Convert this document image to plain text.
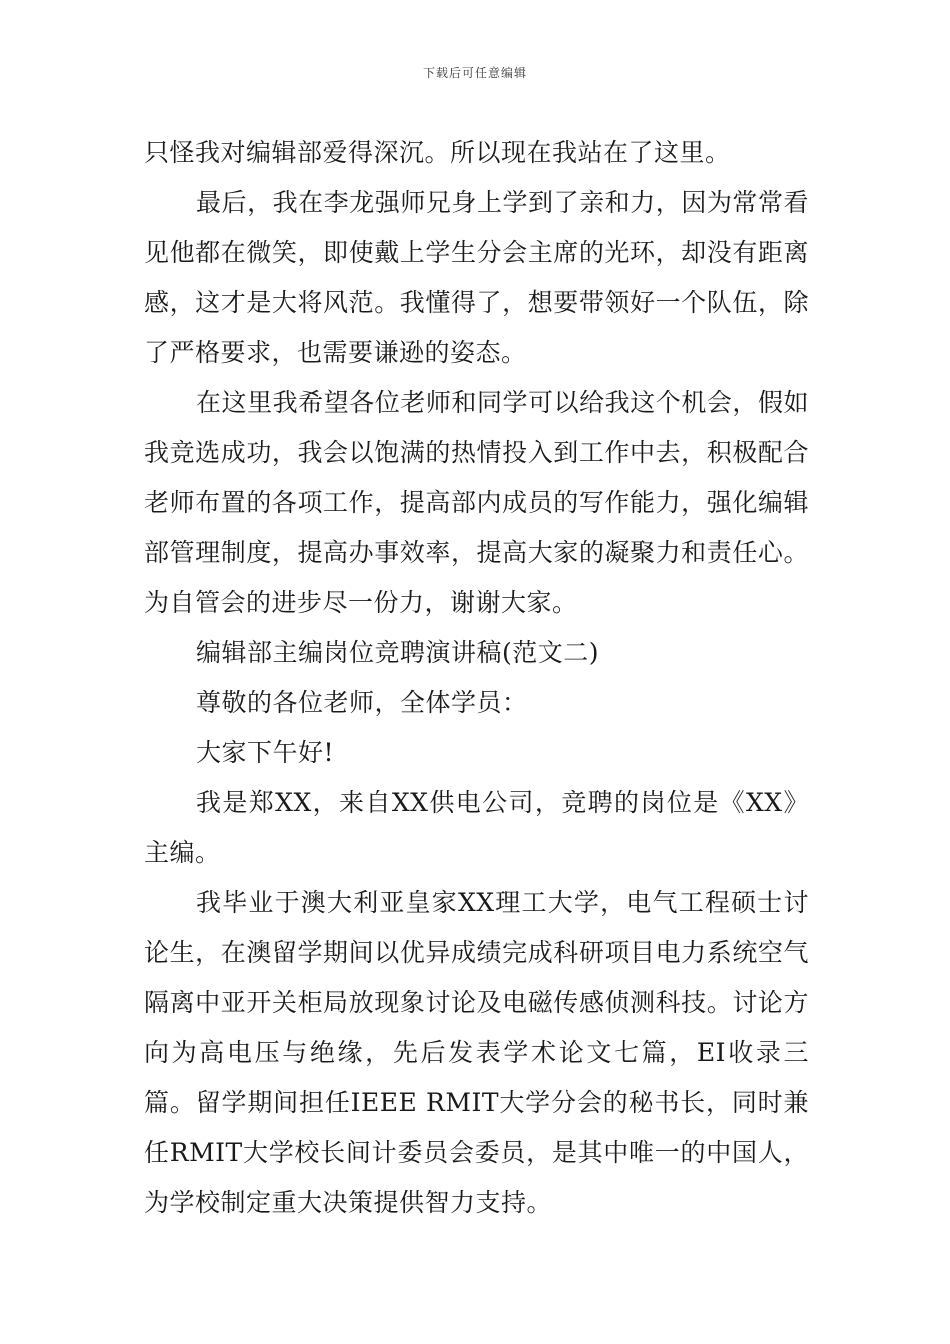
下载后可任意编辑

只怪我对编辑部爱得深沉。所以现在我站在了这里。

最后，我在李龙强师兄身上学到了亲和力，因为常常看见他都在微笑，即使戴上学生分会主席的光环，却没有距离感，这才是大将风范。我懂得了，想要带领好一个队伍，除了严格要求，也需要谦逊的姿态。

在这里我希望各位老师和同学可以给我这个机会，假如我竞选成功，我会以饱满的热情投入到工作中去，积极配合老师布置的各项工作，提高部内成员的写作能力，强化编辑部管理制度，提高办事效率，提高大家的凝聚力和责任心。为自管会的进步尽一份力，谢谢大家。

编辑部主编岗位竞聘演讲稿(范文二)

尊敬的各位老师，全体学员：

大家下午好!

我是郑XX，来自XX供电公司，竞聘的岗位是《XX》主编。

我毕业于澳大利亚皇家XX理工大学，电气工程硕士讨论生，在澳留学期间以优异成绩完成科研项目电力系统空气隔离中亚开关柜局放现象讨论及电磁传感侦测科技。讨论方向为高电压与绝缘，先后发表学术论文七篇，EI收录三篇。留学期间担任IEEE RMIT大学分会的秘书长，同时兼任RMIT大学校长间计委员会委员，是其中唯一的中国人，为学校制定重大决策提供智力支持。
